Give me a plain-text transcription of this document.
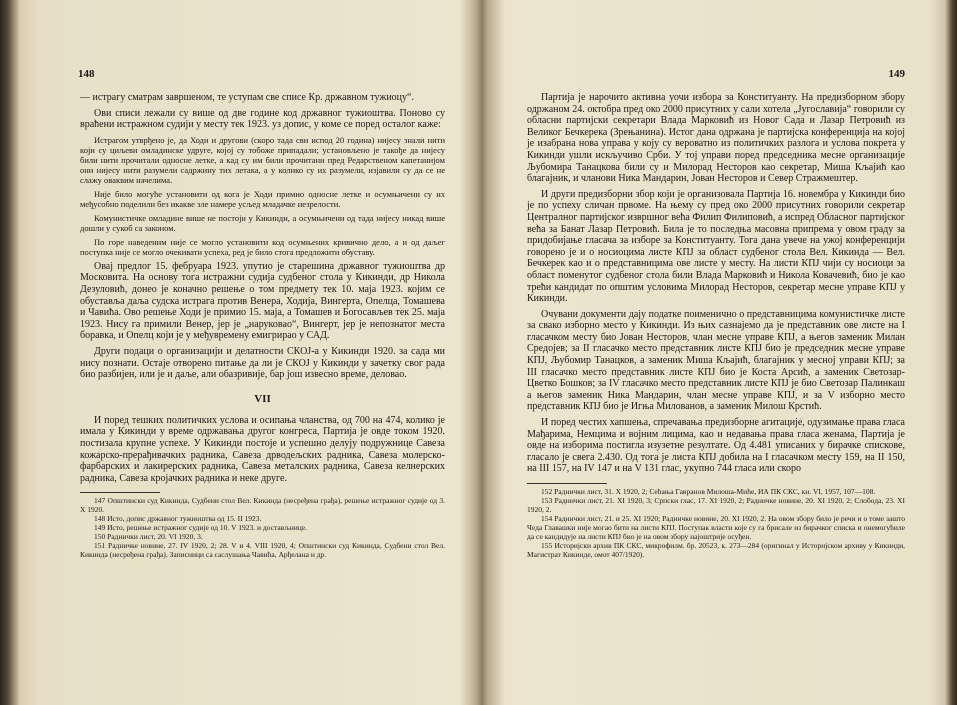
148

— истрагу сматрам завршеном, те уступам све списе Кр. државном тужиоцу“.

Ови списи лежали су више од две године код државног тужиоштва. Поново су враћени истражном судији у месту тек 1923. уз допис, у коме се поред осталог каже:

Истрагом утврђено је, да Ходи и другови (скоро тада сви испод 20 година) нијесу знали нити који су циљеви омладинске удруге, којој су тобоже припадали; установљено је такође да нијесу били нити прочитали односне летке, а кад су им били прочитани пред Редарственом капетанијом они нијесу нити разумели садржину тих летака, а у колико су их разумели, изјавили су да се не слажу оваквим начелима.

Није било могуће установити од кога је Ходи примио односне летке и осумњичени су их међусобно поделили без икакве зле намере усљед младачке незрелости.

Комунистичке омладине више не постоји у Кикинди, а осумњичени од тада нијесу никад више дошли у сукоб са законом.

По горе наведеним није се могло установити код осумњених кривично дело, а и од даљег поступка није се могло очекивати успеха, ред је било стога предложити обуставу.

Овај предлог 15. фебруара 1923. упутио је старешина државног тужиоштва др Московита. На основу тога истражни судија судбеног стола у Кикинди, др Никола Дезуловић, донео је коначно решење о том предмету тек 10. маја 1923. којим се обуставља даља судска истрага против Венера, Ходија, Вингерта, Опелца, Томашева и Чавића. Ово решење Ходи је примио 15. маја, а Томашев и Богосављев тек 25. маја 1923. Нису га примили Венер, јер је „наруковао“, Вингерт, јер је непознатог места боравка, и Опелц који је у међувремену емигрирао у САД.

Други подаци о организацији и делатности СКОЈ-а у Кикинди 1920. за сада ми нису познати. Остаје отворено питање да ли је СКОЈ у Кикинди у зачетку свог рада био разбијен, или је и даље, али обазривије, бар још извесно време, деловао.

VII

И поред тешких политичких услова и осипања чланства, од 700 на 474, колико је имала у Кикинди у време одржавања другог конгреса, Партија је овде током 1920. постизала крупне успехе. У Кикинди постоје и успешно делују подружнице Савеза кожарско-прерађивачких радника, Савеза дрводељских радника, Савеза молерско-фарбарских и лакирерских радника, Савеза металских радника, Савеза келнерских радника, Савеза кројачких радника и неке друге.

147 Општински суд Кикинда, Судбени стол Вел. Кикинда (несређена грађа), решење истражног судије од 3. X 1920.

148 Исто, допис државног тужиоштва од 15. II 1923.

149 Исто, решење истражног судије од 10. V 1923. и достављнице.

150 Раднички лист, 20. VI 1920, 3.

151 Радничке новине, 27. IV 1920, 2; 28. V и 4. VIII 1920, 4; Општински суд Кикинда, Судбени стол Вел. Кикинда (несређена грађа). Записници са саслушања Чавића, Арђелана и др.

149

Партија је нарочито активна уочи избора за Конституанту. На предизборном збору одржаном 24. октобра пред око 2000 присутних у сали хотела „Југославија“ говорили су обласни партијски секретари Влада Марковић из Новог Сада и Лазар Петровић из Великог Бечкерека (Зрењанина). Истог дана одржана је партијска конференција на којој је изабрана нова управа у коју су вероватно из политичких разлога и услова покрета у Кикинди ушли искључиво Срби. У тој управи поред председника месне организације Љубомира Танацкова били су и Милорад Несторов као секретар, Миша Кљајић као благајник, и чланови Ника Мандарин, Јован Несторов и Север Стражмештер.

И други предизборни збор који је организовала Партија 16. новембра у Кикинди био је по успеху сличан првоме. На њему су пред око 2000 присутних говорили секретар Централног партијског извршног већа Филип Филиповић, а испред Обласног партијског већа за Банат Лазар Петровић. Била је то последња масовна припрема у овом граду за придобијање гласача за изборе за Конституанту. Тога дана увече на ужој конференцији говорено је и о носиоцима листе КПЈ за област судбеног стола Вел. Кикинда — Вел. Бечкерек као и о представницима ове листе у месту. На листи КПЈ чији су носиоци за област поменутог судбеног стола били Влада Марковић и Никола Ковачевић, био је као трећи кандидат по општим условима Милорад Несторов, секретар месне управе КПЈ у Кикинди.

Очувани документи дају податке поименично о представницима комунистичке листе за свако изборно место у Кикинди. Из њих сазнајемо да је представник ове листе на I гласачком месту био Јован Несторов, члан месне управе КПЈ, а његов заменик Милан Средојев; за II гласачко место представник листе КПЈ био је председник месне управе КПЈ, Љубомир Танацков, а заменик Миша Кљајић, благајник у месној управи КПЈ; за III гласачко место представник листе КПЈ био је Коста Арсић, а заменик Светозар-Цветко Бошков; за IV гласачко место представник листе КПЈ је био Светозар Палинкаш а његов заменик Ника Мандарин, члан месне управе КПЈ, и за V изборно место представник КПЈ био је Игња Милованов, а заменик Милош Крстић.

И поред честих хапшења, спречавања предизборне агитације, одузимање права гласа Мађарима, Немцима и војним лицима, као и недавања права гласа женама, Партија је овде на изборима постигла изузетне резултате. Од 4.481 уписаних у бирачке спискове, гласало је свега 2.430. Од тога је листа КПЈ добила на I гласачком месту 159, на II 150, на III 157, на IV 147 и на V 131 глас, укупно 744 гласа или скоро

152 Раднички лист, 31. X 1920, 2; Сећања Гавранов Милоша-Миће, ИА ПК СКС, кн. VI, 1957, 107—108.

153 Раднички лист, 21. XI 1920, 3; Српски глас, 17. XI 1920, 2; Радничке новине, 20. XI 1920, 2; Слобода, 23. XI 1920, 2.

154 Раднички лист, 21. и 25. XI 1920; Радничке новине, 20. XI 1920, 2. На овом збору било је речи и о томе зашто Чеда Главашки није могао бити на листи КПЈ. Поступак власти које су га брисале из бирачког списка и онемогућиле да се кандидује на листи КПЈ био је на овом збору најоштрије осуђен.

155 Историјски архив ПК СКС, микрофилм. бр. 20523, к. 273—284 (оригинал у Историјском архиву у Кикинди, Магистрат Кикинде, омот 407/1920).
